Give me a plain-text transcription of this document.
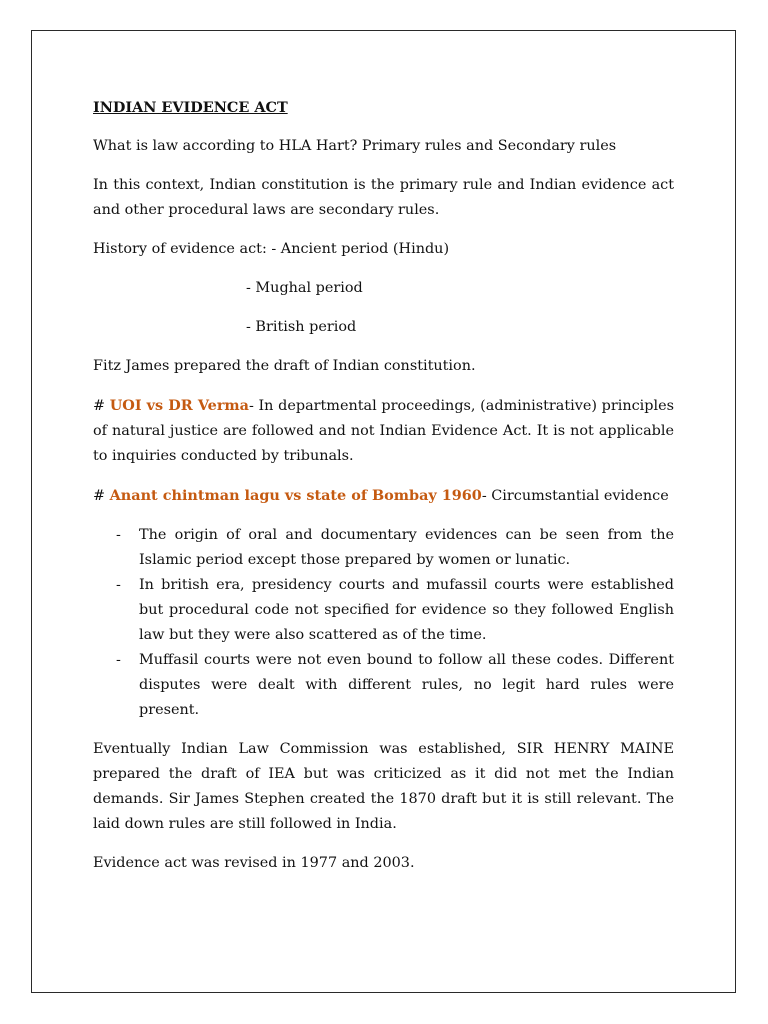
INDIAN EVIDENCE ACT

What is law according to HLA Hart? Primary rules and Secondary rules

In this context, Indian constitution is the primary rule and Indian evidence act and other procedural laws are secondary rules.

History of evidence act: - Ancient period (Hindu)

- Mughal period

- British period

Fitz James prepared the draft of Indian constitution.

# UOI vs DR Verma- In departmental proceedings, (administrative) principles of natural justice are followed and not Indian Evidence Act. It is not applicable to inquiries conducted by tribunals.

# Anant chintman lagu vs state of Bombay 1960- Circumstantial evidence

- The origin of oral and documentary evidences can be seen from the Islamic period except those prepared by women or lunatic.
- In british era, presidency courts and mufassil courts were established but procedural code not specified for evidence so they followed English law but they were also scattered as of the time.
- Muffasil courts were not even bound to follow all these codes. Different disputes were dealt with different rules, no legit hard rules were present.

Eventually Indian Law Commission was established, SIR HENRY MAINE prepared the draft of IEA but was criticized as it did not met the Indian demands. Sir James Stephen created the 1870 draft but it is still relevant. The laid down rules are still followed in India.

Evidence act was revised in 1977 and 2003.
